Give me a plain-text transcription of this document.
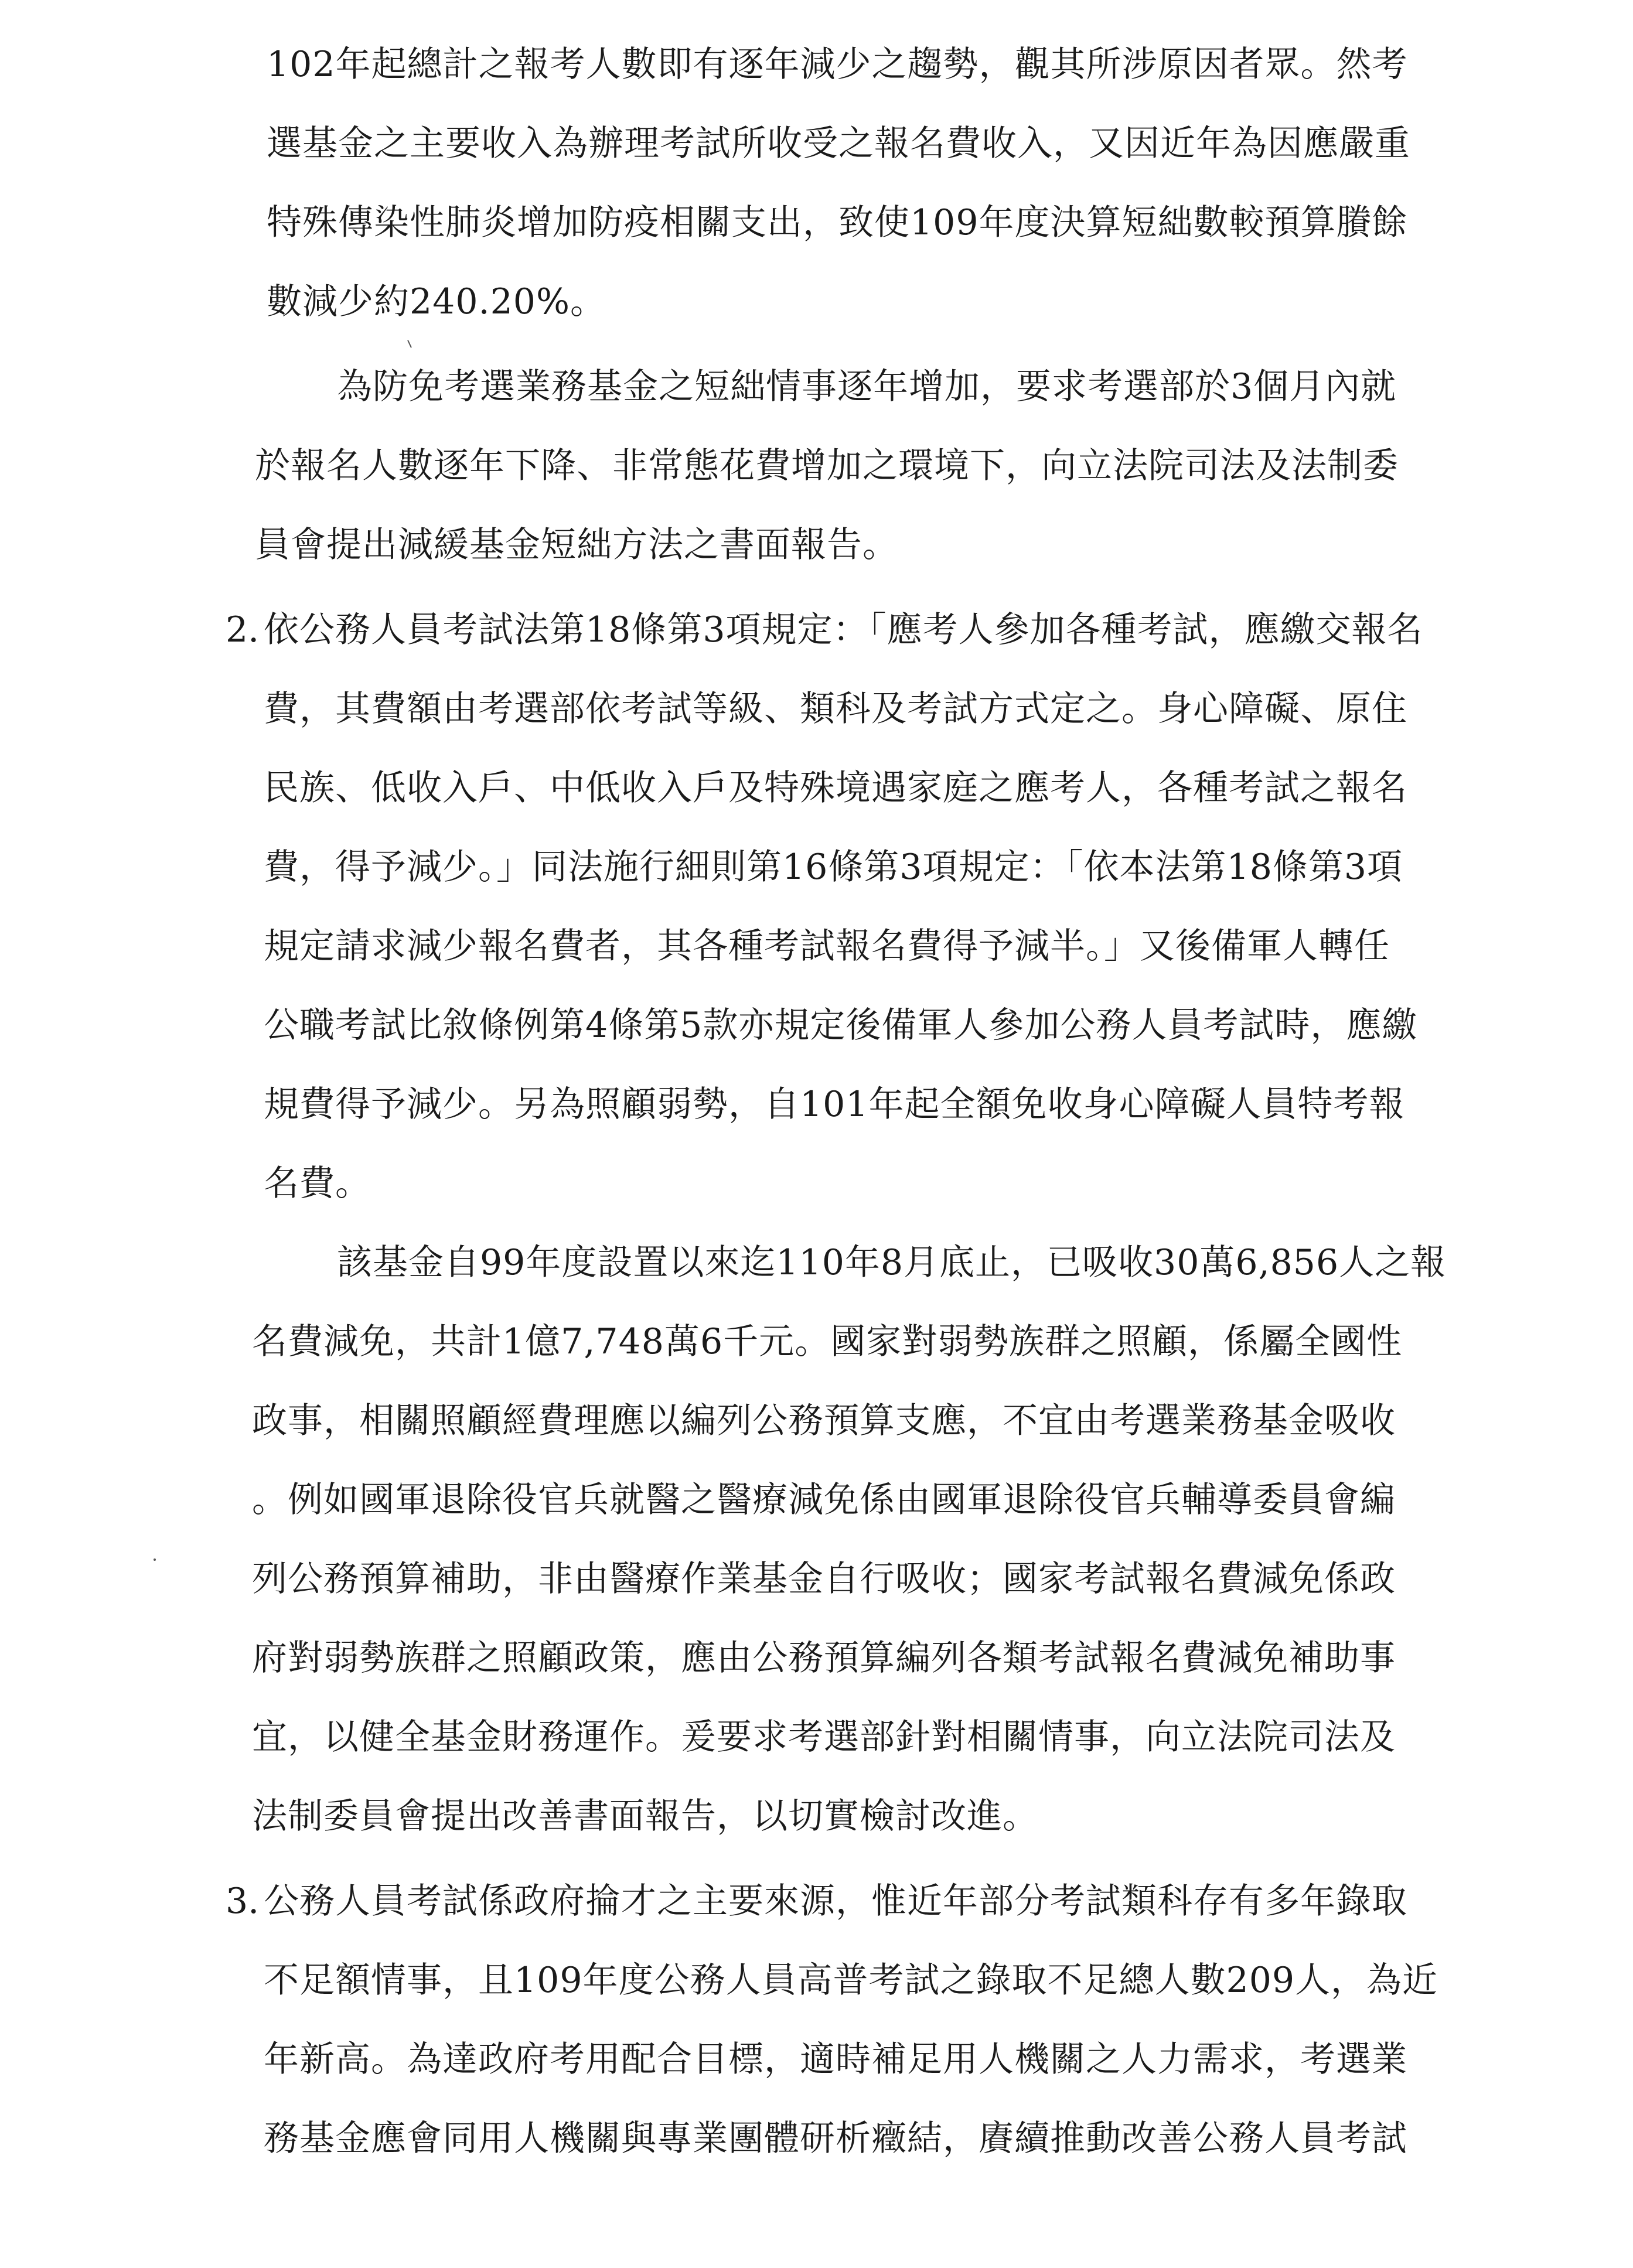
102年起總計之報考人數即有逐年減少之趨勢，觀其所涉原因者眾。然考
選基金之主要收入為辦理考試所收受之報名費收入，又因近年為因應嚴重
特殊傳染性肺炎增加防疫相關支出，致使109年度決算短絀數較預算賸餘
數減少約240.20%。
為防免考選業務基金之短絀情事逐年增加，要求考選部於3個月內就
於報名人數逐年下降、非常態花費增加之環境下，向立法院司法及法制委
員會提出減緩基金短絀方法之書面報告。
2. 依公務人員考試法第18條第3項規定：「應考人參加各種考試，應繳交報名
費，其費額由考選部依考試等級、類科及考試方式定之。身心障礙、原住
民族、低收入戶、中低收入戶及特殊境遇家庭之應考人，各種考試之報名
費，得予減少。」同法施行細則第16條第3項規定：「依本法第18條第3項
規定請求減少報名費者，其各種考試報名費得予減半。」又後備軍人轉任
公職考試比敘條例第4條第5款亦規定後備軍人參加公務人員考試時，應繳
規費得予減少。另為照顧弱勢，自101年起全額免收身心障礙人員特考報
名費。
該基金自99年度設置以來迄110年8月底止，已吸收30萬6,856人之報
名費減免，共計1億7,748萬6千元。國家對弱勢族群之照顧，係屬全國性
政事，相關照顧經費理應以編列公務預算支應，不宜由考選業務基金吸收
。例如國軍退除役官兵就醫之醫療減免係由國軍退除役官兵輔導委員會編
列公務預算補助，非由醫療作業基金自行吸收；國家考試報名費減免係政
府對弱勢族群之照顧政策，應由公務預算編列各類考試報名費減免補助事
宜，以健全基金財務運作。爰要求考選部針對相關情事，向立法院司法及
法制委員會提出改善書面報告，以切實檢討改進。
3. 公務人員考試係政府掄才之主要來源，惟近年部分考試類科存有多年錄取
不足額情事，且109年度公務人員高普考試之錄取不足總人數209人，為近
年新高。為達政府考用配合目標，適時補足用人機關之人力需求，考選業
務基金應會同用人機關與專業團體研析癥結，賡續推動改善公務人員考試
